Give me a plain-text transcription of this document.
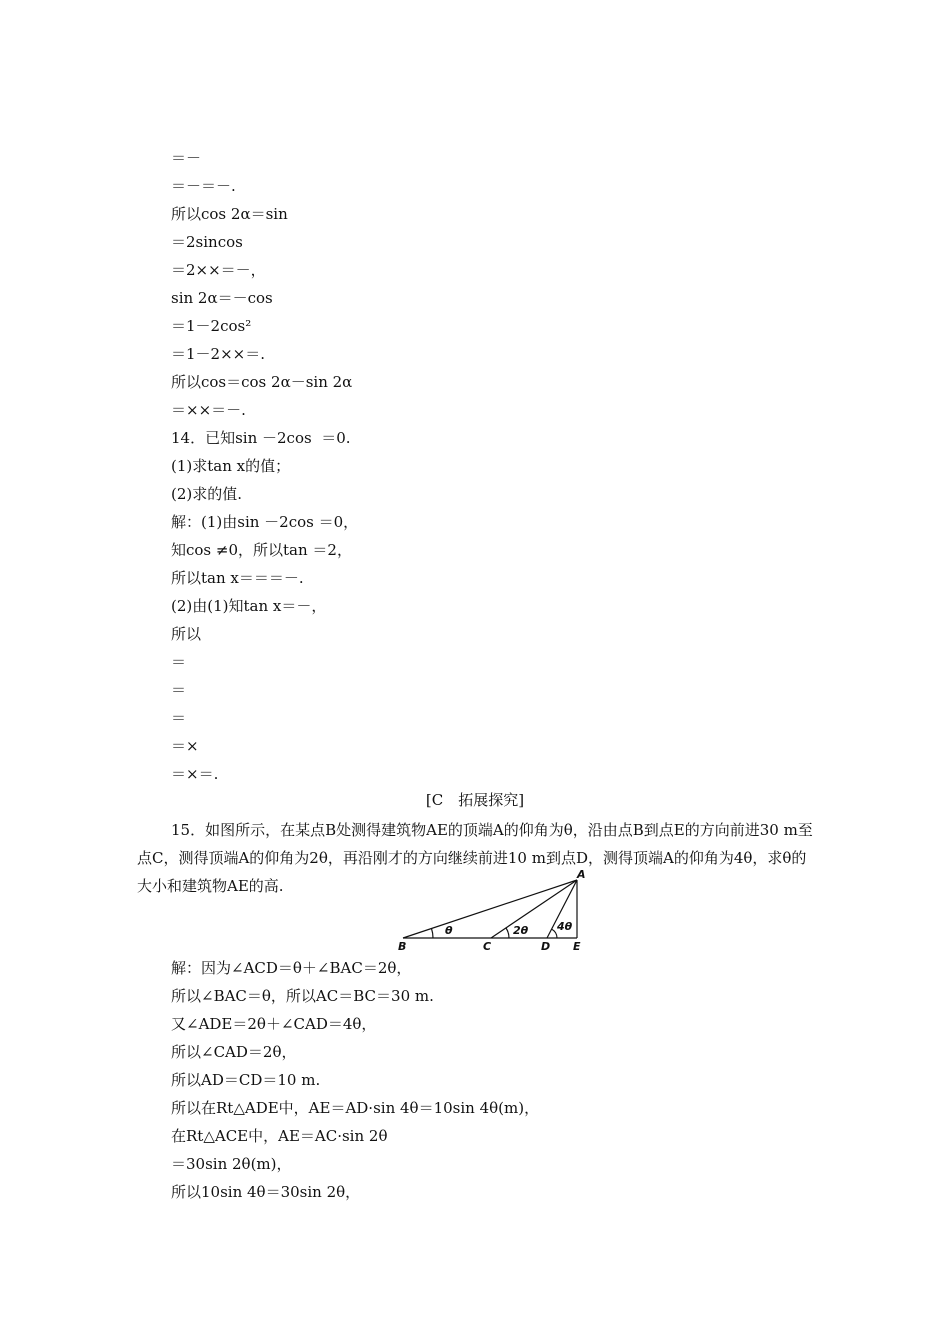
＝－
＝－＝－.
所以cos 2α＝sin
＝2sincos
＝2××＝－，
sin 2α＝－cos
＝1－2cos²
＝1－2××＝.
所以cos＝cos 2α－sin 2α
＝××＝－.
14．已知sin －2cos  ＝0.
(1)求tan x的值；
(2)求的值.
解：(1)由sin －2cos ＝0，
知cos ≠0，所以tan ＝2，
所以tan x＝＝＝－.
(2)由(1)知tan x＝－，
所以
＝
＝
＝
＝×
＝×＝.
[C　拓展探究]
15．如图所示，在某点B处测得建筑物AE的顶端A的仰角为θ，沿由点B到点E的方向前进30 m至点C，测得顶端A的仰角为2θ，再沿刚才的方向继续前进10 m到点D，测得顶端A的仰角为4θ，求θ的大小和建筑物AE的高.
A
B	C	D E
θ	2θ	4θ
解：因为∠ACD＝θ＋∠BAC＝2θ，
所以∠BAC＝θ，所以AC＝BC＝30 m.
又∠ADE＝2θ＋∠CAD＝4θ，
所以∠CAD＝2θ，
所以AD＝CD＝10 m.
所以在Rt△ADE中，AE＝AD·sin 4θ＝10sin 4θ(m)，
在Rt△ACE中，AE＝AC·sin 2θ
＝30sin 2θ(m)，
所以10sin 4θ＝30sin 2θ，
